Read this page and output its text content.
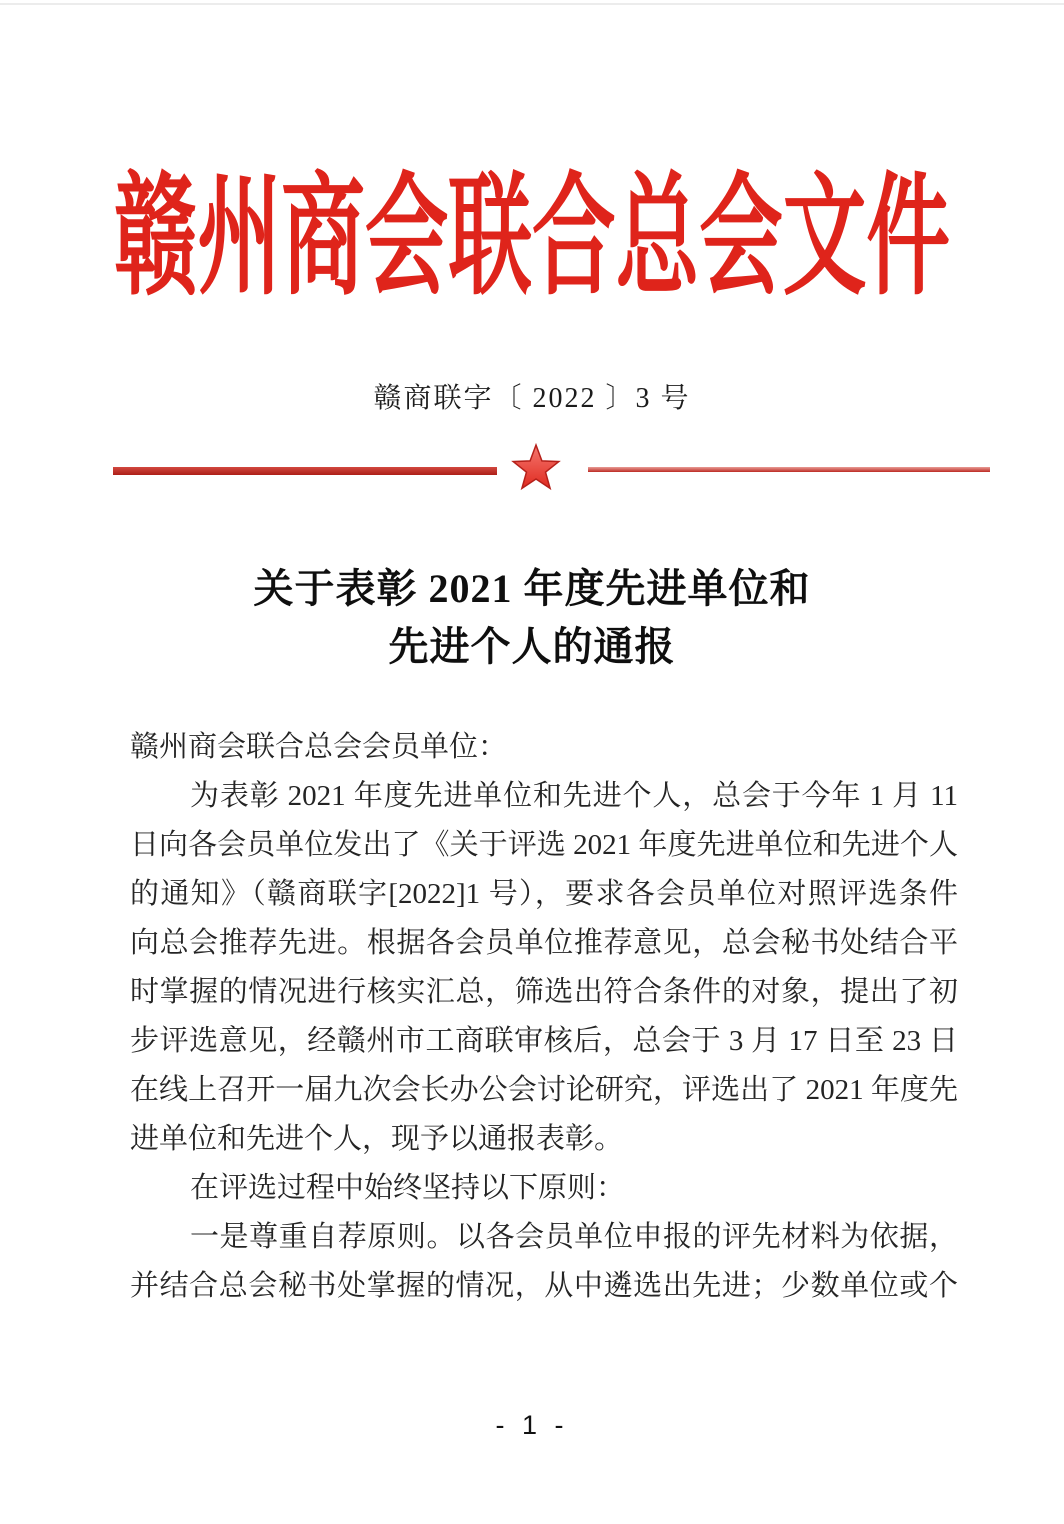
赣州商会联合总会文件
赣商联字〔 2022 〕3 号
关于表彰 2021 年度先进单位和
先进个人的通报
赣州商会联合总会会员单位：
为表彰 2021 年度先进单位和先进个人，总会于今年 1 月 11
日向各会员单位发出了《关于评选 2021 年度先进单位和先进个人
的通知》（赣商联字[2022]1 号），要求各会员单位对照评选条件
向总会推荐先进。根据各会员单位推荐意见，总会秘书处结合平
时掌握的情况进行核实汇总，筛选出符合条件的对象，提出了初
步评选意见，经赣州市工商联审核后，总会于 3 月 17 日至 23 日
在线上召开一届九次会长办公会讨论研究，评选出了 2021 年度先
进单位和先进个人，现予以通报表彰。
在评选过程中始终坚持以下原则：
一是尊重自荐原则。以各会员单位申报的评先材料为依据，
并结合总会秘书处掌握的情况，从中遴选出先进；少数单位或个
- 1 -
